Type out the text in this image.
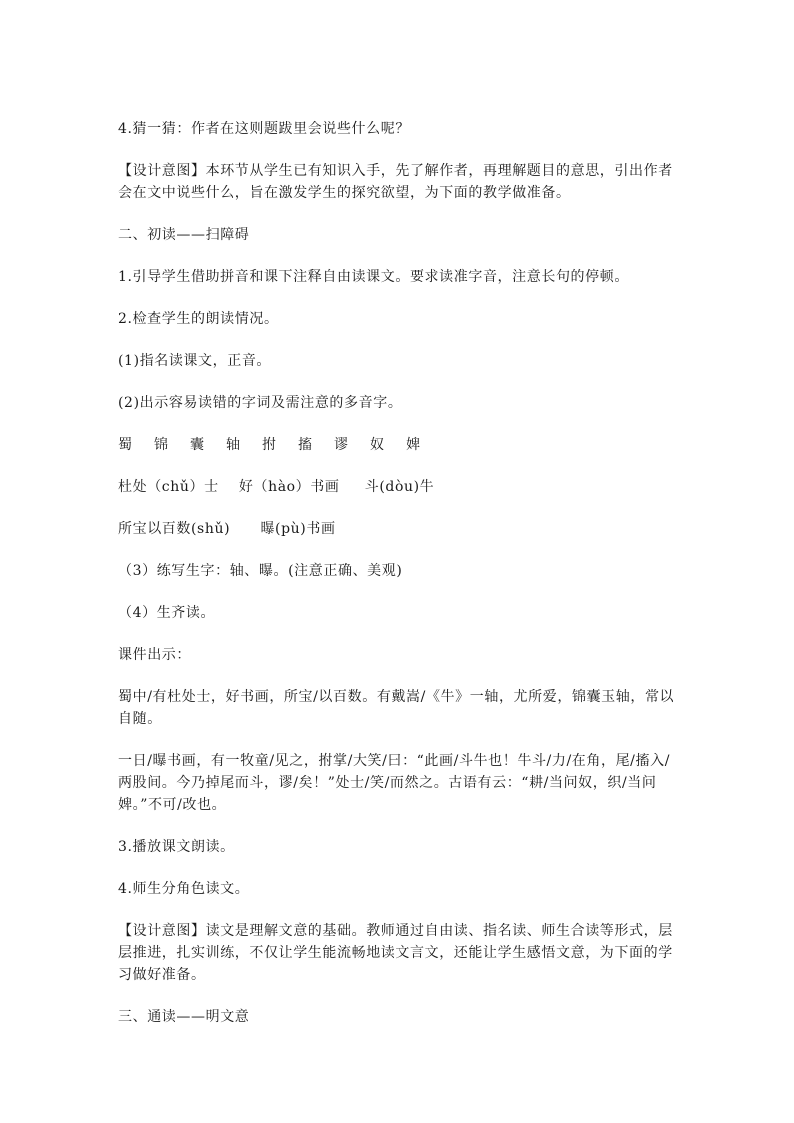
4.猜一猜：作者在这则题跋里会说些什么呢？

【设计意图】本环节从学生已有知识入手，先了解作者，再理解题目的意思，引出作者会在文中说些什么，旨在激发学生的探究欲望，为下面的教学做准备。

二、初读——扫障碍

1.引导学生借助拼音和课下注释自由读课文。要求读准字音，注意长句的停顿。

2.检查学生的朗读情况。

(1)指名读课文，正音。

(2)出示容易读错的字词及需注意的多音字。

蜀 锦 囊 轴 拊 搐 谬 奴 婢

杜处（chǔ）士    好（hào）书画     斗(dòu)牛

所宝以百数(shǔ)      曝(pù)书画

（3）练写生字：轴、曝。(注意正确、美观)

（4）生齐读。

课件出示：

蜀中/有杜处士，好书画，所宝/以百数。有戴嵩/《牛》一轴，尤所爱，锦囊玉轴，常以自随。

一日/曝书画，有一牧童/见之，拊掌/大笑/曰：“此画/斗牛也！牛斗/力/在角，尾/搐入/两股间。今乃掉尾而斗，谬/矣！”处士/笑/而然之。古语有云：“耕/当问奴，织/当问婢。”不可/改也。

3.播放课文朗读。

4.师生分角色读文。

【设计意图】读文是理解文意的基础。教师通过自由读、指名读、师生合读等形式，层层推进，扎实训练，不仅让学生能流畅地读文言文，还能让学生感悟文意，为下面的学习做好准备。

三、通读——明文意
